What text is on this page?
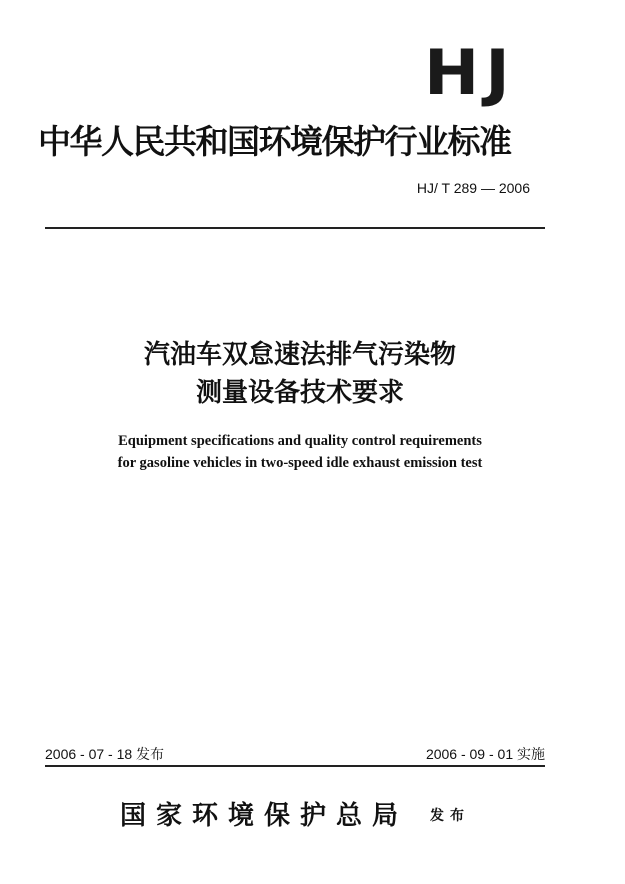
HJ
中华人民共和国环境保护行业标准
HJ/ T 289 — 2006
汽油车双怠速法排气污染物
测量设备技术要求
Equipment specifications and quality control requirements
for gasoline vehicles in two-speed idle exhaust emission test
2006 - 07 - 18 发布	2006 - 09 - 01 实施
国家环境保护总局 发布
